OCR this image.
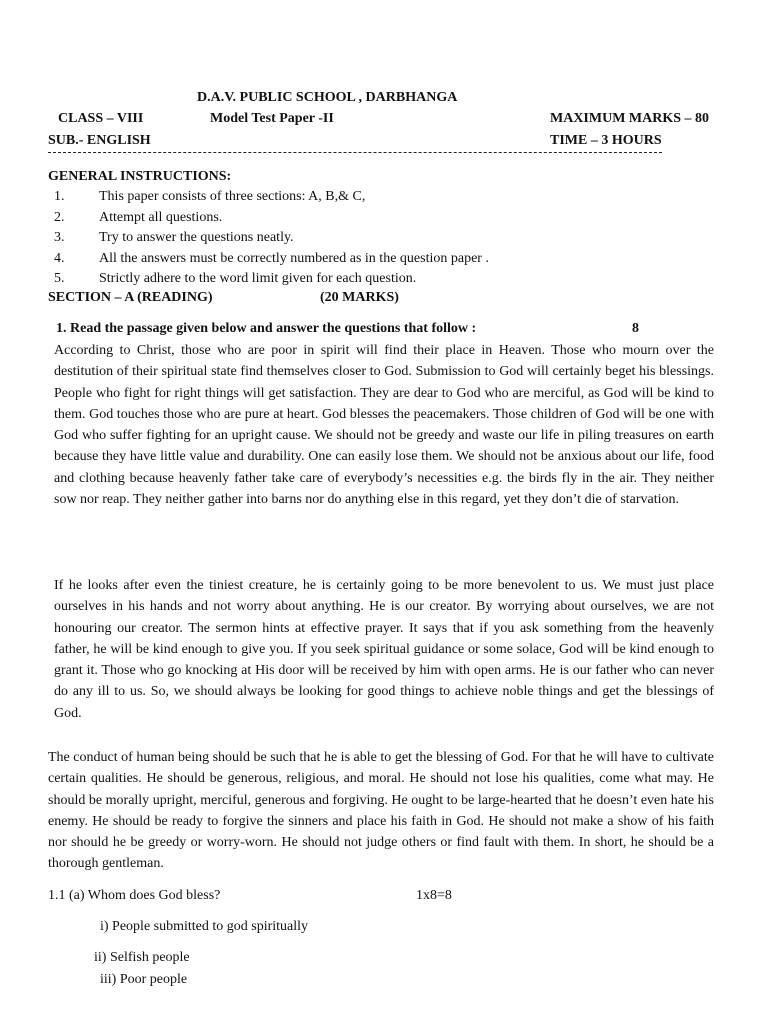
D.A.V. PUBLIC SCHOOL , DARBHANGA
CLASS – VIII	Model Test Paper -II	MAXIMUM MARKS – 80
SUB.- ENGLISH	TIME – 3 HOURS
GENERAL INSTRUCTIONS:
1. This paper consists of three sections: A, B,& C,
2. Attempt all questions.
3. Try to answer the questions neatly.
4. All the answers must be correctly numbered as in the question paper .
5. Strictly adhere to the word limit given for each question.
SECTION – A (READING)	(20 MARKS)
1. Read the passage given below and answer the questions that follow :	8

According to Christ, those who are poor in spirit will find their place in Heaven. Those who mourn over the destitution of their spiritual state find themselves closer to God. Submission to God will certainly beget his blessings. People who fight for right things will get satisfaction. They are dear to God who are merciful, as God will be kind to them. God touches those who are pure at heart. God blesses the peacemakers. Those children of God will be one with God who suffer fighting for an upright cause. We should not be greedy and waste our life in piling treasures on earth because they have little value and durability. One can easily lose them. We should not be anxious about our life, food and clothing because heavenly father take care of everybody’s necessities e.g. the birds fly in the air. They neither sow nor reap. They neither gather into barns nor do anything else in this regard, yet they don’t die of starvation.

If he looks after even the tiniest creature, he is certainly going to be more benevolent to us. We must just place ourselves in his hands and not worry about anything. He is our creator. By worrying about ourselves, we are not honouring our creator. The sermon hints at effective prayer. It says that if you ask something from the heavenly father, he will be kind enough to give you. If you seek spiritual guidance or some solace, God will be kind enough to grant it. Those who go knocking at His door will be received by him with open arms. He is our father who can never do any ill to us. So, we should always be looking for good things to achieve noble things and get the blessings of God.

The conduct of human being should be such that he is able to get the blessing of God. For that he will have to cultivate certain qualities. He should be generous, religious, and moral. He should not lose his qualities, come what may. He should be morally upright, merciful, generous and forgiving. He ought to be large-hearted that he doesn’t even hate his enemy. He should be ready to forgive the sinners and place his faith in God. He should not make a show of his faith nor should he be greedy or worry-worn. He should not judge others or find fault with them. In short, he should be a thorough gentleman.

1.1 (a) Whom does God bless?	1x8=8
i) People submitted to god spiritually
ii) Selfish people
iii) Poor people
